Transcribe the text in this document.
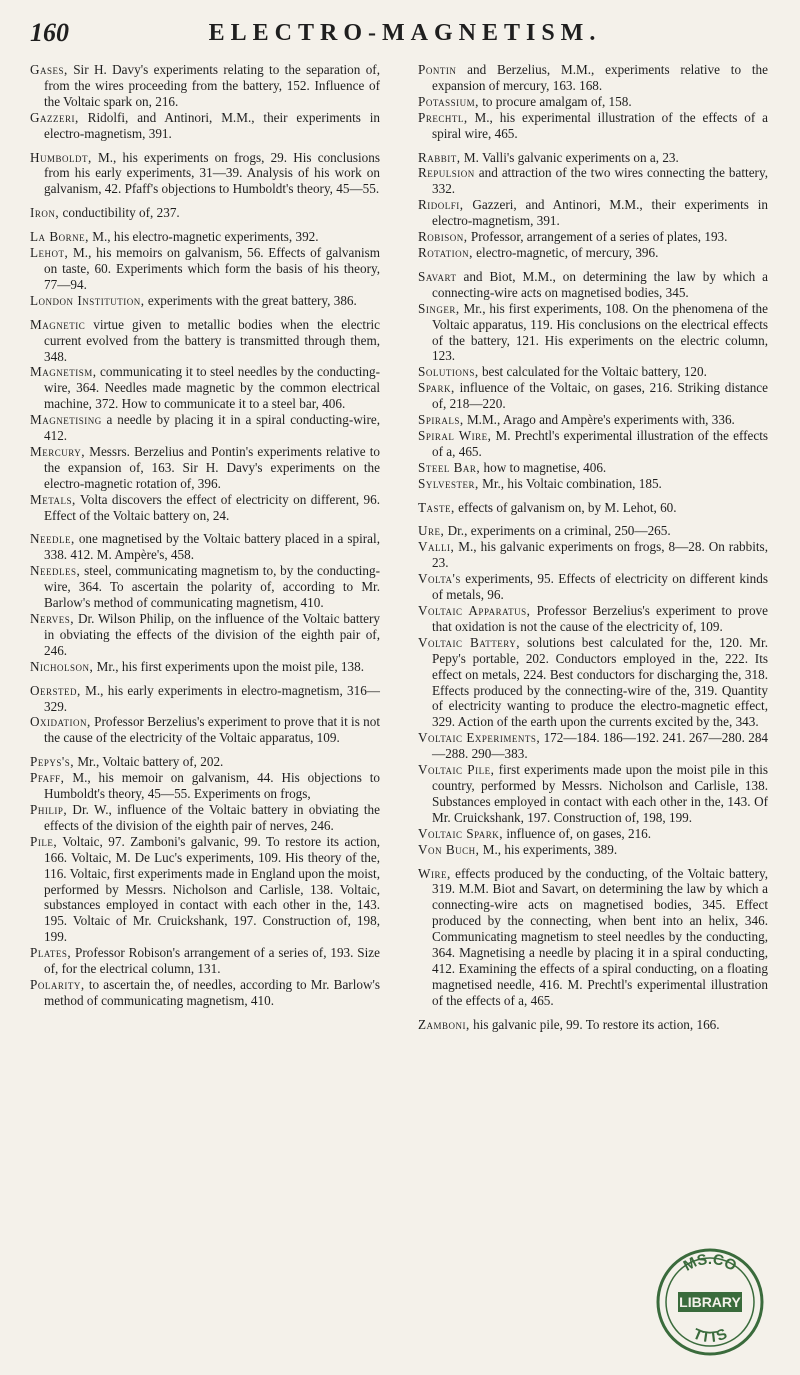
160	ELECTRO-MAGNETISM.

Gases, Sir H. Davy's experiments relating to the separation of, from the wires proceeding from the battery, 152. Influence of the Voltaic spark on, 216.

Gazzeri, Ridolfi, and Antinori, M.M., their experiments in electro-magnetism, 391.

Humboldt, M., his experiments on frogs, 29. His conclusions from his early experiments, 31—39. Analysis of his work on galvanism, 42. Pfaff's objections to Humboldt's theory, 45—55.

Iron, conductibility of, 237.

La Borne, M., his electro-magnetic experiments, 392.

Lehot, M., his memoirs on galvanism, 56. Effects of galvanism on taste, 60. Experiments which form the basis of his theory, 77—94.

London Institution, experiments with the great battery, 386.

Magnetic virtue given to metallic bodies when the electric current evolved from the battery is transmitted through them, 348.

Magnetism, communicating it to steel needles by the conducting-wire, 364. Needles made magnetic by the common electrical machine, 372. How to communicate it to a steel bar, 406.

Magnetising a needle by placing it in a spiral conducting-wire, 412.

Mercury, Messrs. Berzelius and Pontin's experiments relative to the expansion of, 163. Sir H. Davy's experiments on the electro-magnetic rotation of, 396.

Metals, Volta discovers the effect of electricity on different, 96. Effect of the Voltaic battery on, 24.

Needle, one magnetised by the Voltaic battery placed in a spiral, 338. 412. M. Ampère's, 458.

Needles, steel, communicating magnetism to, by the conducting-wire, 364. To ascertain the polarity of, according to Mr. Barlow's method of communicating magnetism, 410.

Nerves, Dr. Wilson Philip, on the influence of the Voltaic battery in obviating the effects of the division of the eighth pair of, 246.

Nicholson, Mr., his first experiments upon the moist pile, 138.

Oersted, M., his early experiments in electro-magnetism, 316—329.

Oxidation, Professor Berzelius's experiment to prove that it is not the cause of the electricity of the Voltaic apparatus, 109.

Pepys's, Mr., Voltaic battery of, 202.

Pfaff, M., his memoir on galvanism, 44. His objections to Humboldt's theory, 45—55. Experiments on frogs,

Philip, Dr. W., influence of the Voltaic battery in obviating the effects of the division of the eighth pair of nerves, 246.

Pile, Voltaic, 97. Zamboni's galvanic, 99. To restore its action, 166. Voltaic, M. De Luc's experiments, 109. His theory of the, 116. Voltaic, first experiments made in England upon the moist, performed by Messrs. Nicholson and Carlisle, 138. Voltaic, substances employed in contact with each other in the, 143. 195. Voltaic of Mr. Cruickshank, 197. Construction of, 198, 199.

Plates, Professor Robison's arrangement of a series of, 193. Size of, for the electrical column, 131.

Polarity, to ascertain the, of needles, according to Mr. Barlow's method of communicating magnetism, 410.

Pontin and Berzelius, M.M., experiments relative to the expansion of mercury, 163. 168.

Potassium, to procure amalgam of, 158.

Prechtl, M., his experimental illustration of the effects of a spiral wire, 465.

Rabbit, M. Valli's galvanic experiments on a, 23.

Repulsion and attraction of the two wires connecting the battery, 332.

Ridolfi, Gazzeri, and Antinori, M.M., their experiments in electro-magnetism, 391.

Robison, Professor, arrangement of a series of plates, 193.

Rotation, electro-magnetic, of mercury, 396.

Savart and Biot, M.M., on determining the law by which a connecting-wire acts on magnetised bodies, 345.

Singer, Mr., his first experiments, 108. On the phenomena of the Voltaic apparatus, 119. His conclusions on the electrical effects of the battery, 121. His experiments on the electric column, 123.

Solutions, best calculated for the Voltaic battery, 120.

Spark, influence of the Voltaic, on gases, 216. Striking distance of, 218—220.

Spirals, M.M., Arago and Ampère's experiments with, 336.

Spiral Wire, M. Prechtl's experimental illustration of the effects of a, 465.

Steel Bar, how to magnetise, 406.

Sylvester, Mr., his Voltaic combination, 185.

Taste, effects of galvanism on, by M. Lehot, 60.

Ure, Dr., experiments on a criminal, 250—265.

Valli, M., his galvanic experiments on frogs, 8—28. On rabbits, 23.

Volta's experiments, 95. Effects of electricity on different kinds of metals, 96.

Voltaic Apparatus, Professor Berzelius's experiment to prove that oxidation is not the cause of the electricity of, 109.

Voltaic Battery, solutions best calculated for the, 120. Mr. Pepy's portable, 202. Conductors employed in the, 222. Its effect on metals, 224. Best conductors for discharging the, 318. Effects produced by the connecting-wire of the, 319. Quantity of electricity wanting to produce the electro-magnetic effect, 329. Action of the earth upon the currents excited by the, 343.

Voltaic Experiments, 172—184. 186—192. 241. 267—280. 284—288. 290—383.

Voltaic Pile, first experiments made upon the moist pile in this country, performed by Messrs. Nicholson and Carlisle, 138. Substances employed in contact with each other in the, 143. Of Mr. Cruickshank, 197. Construction of, 198, 199.

Voltaic Spark, influence of, on gases, 216.

Von Buch, M., his experiments, 389.

Wire, effects produced by the conducting, of the Voltaic battery, 319. M.M. Biot and Savart, on determining the law by which a connecting-wire acts on magnetised bodies, 345. Effect produced by the connecting, when bent into an helix, 346. Communicating magnetism to steel needles by the conducting, 364. Magnetising a needle by placing it in a spiral conducting, 412. Examining the effects of a spiral conducting, on a floating magnetised needle, 416. M. Prechtl's experimental illustration of the effects of a, 465.

Zamboni, his galvanic pile, 99. To restore its action, 166.

MS.CO
LIBRARY
TTTS
